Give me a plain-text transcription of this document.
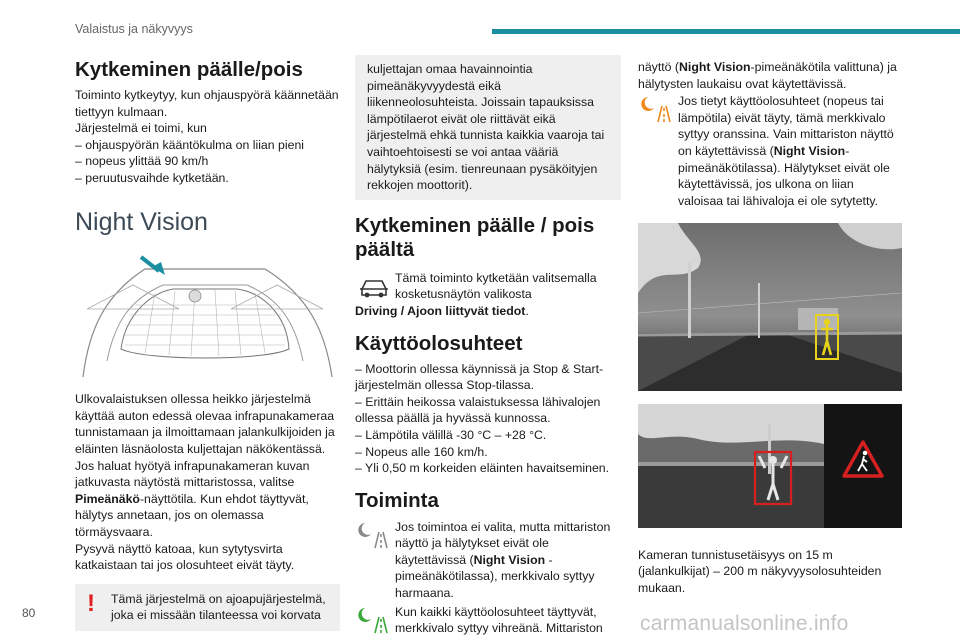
Valaistus ja näkyvyys
Kytkeminen päälle/pois

Toiminto kytkeytyy, kun ohjauspyörä käännetään tiettyyn kulmaan.

Järjestelmä ei toimi, kun

– ohjauspyörän kääntökulma on liian pieni

– nopeus ylittää 90 km/h

– peruutusvaihde kytketään.

Night Vision

Ulkovalaistuksen ollessa heikko järjestelmä käyttää auton edessä olevaa infrapunakameraa tunnistamaan ja ilmoittamaan jalankulkijoiden ja eläinten läsnäolosta kuljettajan näkökentässä.

Jos haluat hyötyä infrapunakameran kuvan jatkuvasta näytöstä mittaristossa, valitse Pimeänäkö-näyttötila. Kun ehdot täyttyvät, hälytys annetaan, jos on olemassa törmäysvaara.

Pysyvä näyttö katoaa, kun sytytysvirta katkaistaan tai jos olosuhteet eivät täyty.

! Tämä järjestelmä on ajoapujärjestelmä, joka ei missään tilanteessa voi korvata

kuljettajan omaa havainnointia pimeänäkyvyydestä eikä liikenneolosuhteista. Joissain tapauksissa lämpötilaerot eivät ole riittävät eikä järjestelmä ehkä tunnista kaikkia vaaroja tai vaihtoehtoisesti se voi antaa vääriä hälytyksiä (esim. tienreunaan pysäköityjen rekkojen moottorit).

Kytkeminen päälle / pois päältä

Tämä toiminto kytketään valitsemalla kosketusnäytön valikosta

Driving / Ajoon liittyvät tiedot.

Käyttöolosuhteet

– Moottorin ollessa käynnissä ja Stop & Start-järjestelmän ollessa Stop-tilassa.

– Erittäin heikossa valaistuksessa lähivalojen ollessa päällä ja hyvässä kunnossa.

– Lämpötila välillä -30 °C – +28 °C.

– Nopeus alle 160 km/h.

– Yli 0,50 m korkeiden eläinten havaitseminen.

Toiminta

Jos toimintoa ei valita, mutta mittariston näyttö ja hälytykset eivät ole käytettävissä (Night Vision -pimeänäkötilassa), merkkivalo syttyy harmaana.

Kun kaikki käyttöolosuhteet täyttyvät, merkkivalo syttyy vihreänä. Mittariston

näyttö (Night Vision-pimeänäkötila valittuna) ja hälytysten laukaisu ovat käytettävissä.

Jos tietyt käyttöolosuhteet (nopeus tai lämpötila) eivät täyty, tämä merkkivalo syttyy oranssina. Vain mittariston näyttö on käytettävissä (Night Vision-pimeänäkötilassa). Hälytykset eivät ole käytettävissä, jos ulkona on liian valoisaa tai lähivaloja ei ole sytytetty.

Kameran tunnistusetäisyys on 15 m (jalankulkijat) – 200 m näkyvyysolosuhteiden mukaan.

80	carmanualsonline.info
